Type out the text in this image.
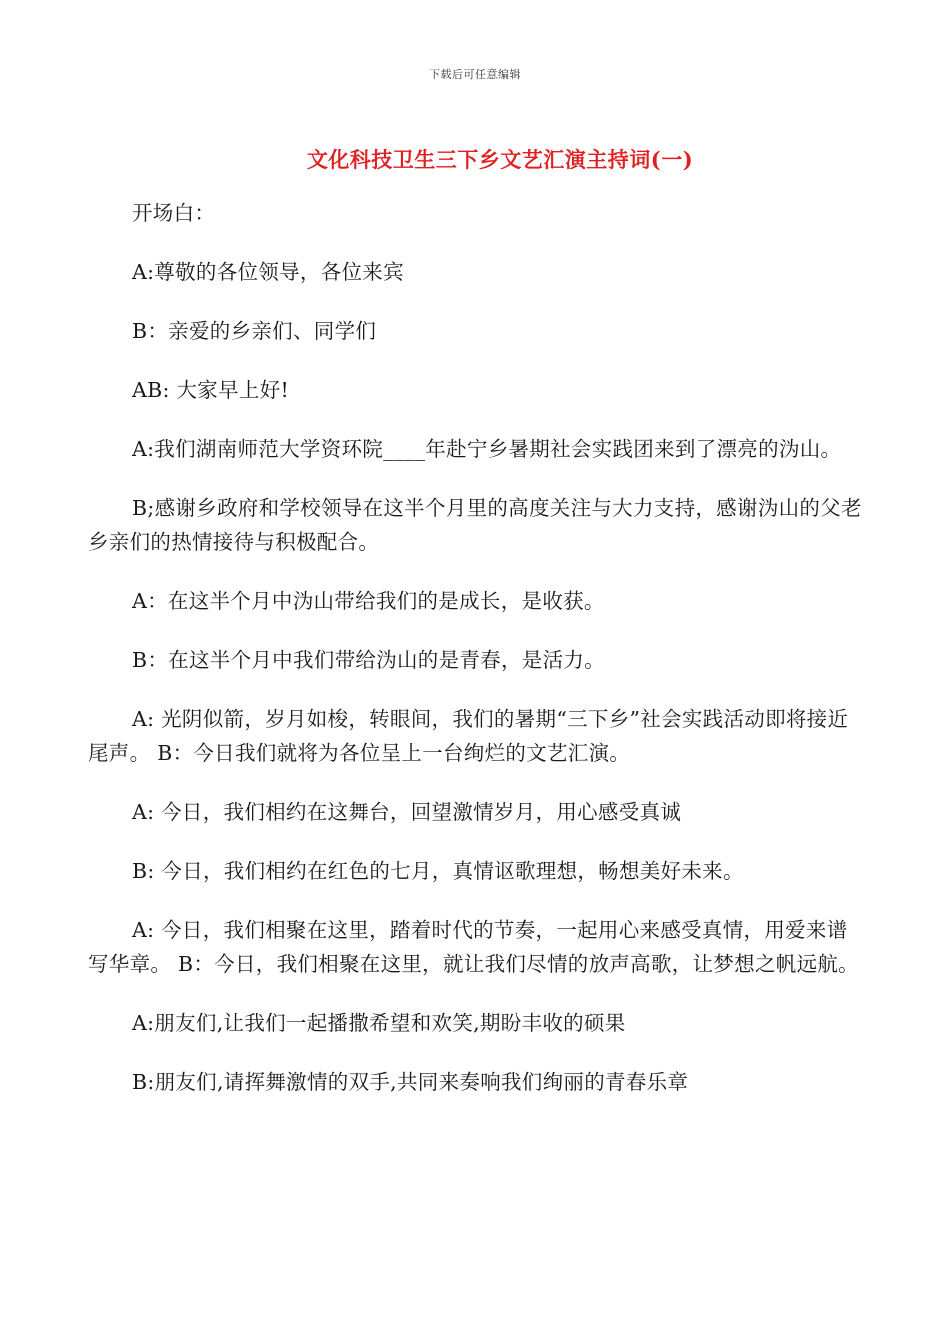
下载后可任意编辑
文化科技卫生三下乡文艺汇演主持词(一)

开场白：

A:尊敬的各位领导，各位来宾

B：亲爱的乡亲们、同学们

AB: 大家早上好!

A:我们湖南师范大学资环院____年赴宁乡暑期社会实践团来到了漂亮的沩山。

B;感谢乡政府和学校领导在这半个月里的高度关注与大力支持，感谢沩山的父老乡亲们的热情接待与积极配合。

A：在这半个月中沩山带给我们的是成长，是收获。

B：在这半个月中我们带给沩山的是青春，是活力。

A: 光阴似箭，岁月如梭，转眼间，我们的暑期“三下乡”社会实践活动即将接近尾声。 B：今日我们就将为各位呈上一台绚烂的文艺汇演。

A: 今日，我们相约在这舞台，回望激情岁月，用心感受真诚

B: 今日，我们相约在红色的七月，真情讴歌理想，畅想美好未来。

A: 今日，我们相聚在这里，踏着时代的节奏，一起用心来感受真情，用爱来谱写华章。 B：今日，我们相聚在这里，就让我们尽情的放声高歌，让梦想之帆远航。

A:朋友们,让我们一起播撒希望和欢笑,期盼丰收的硕果

B:朋友们,请挥舞激情的双手,共同来奏响我们绚丽的青春乐章
